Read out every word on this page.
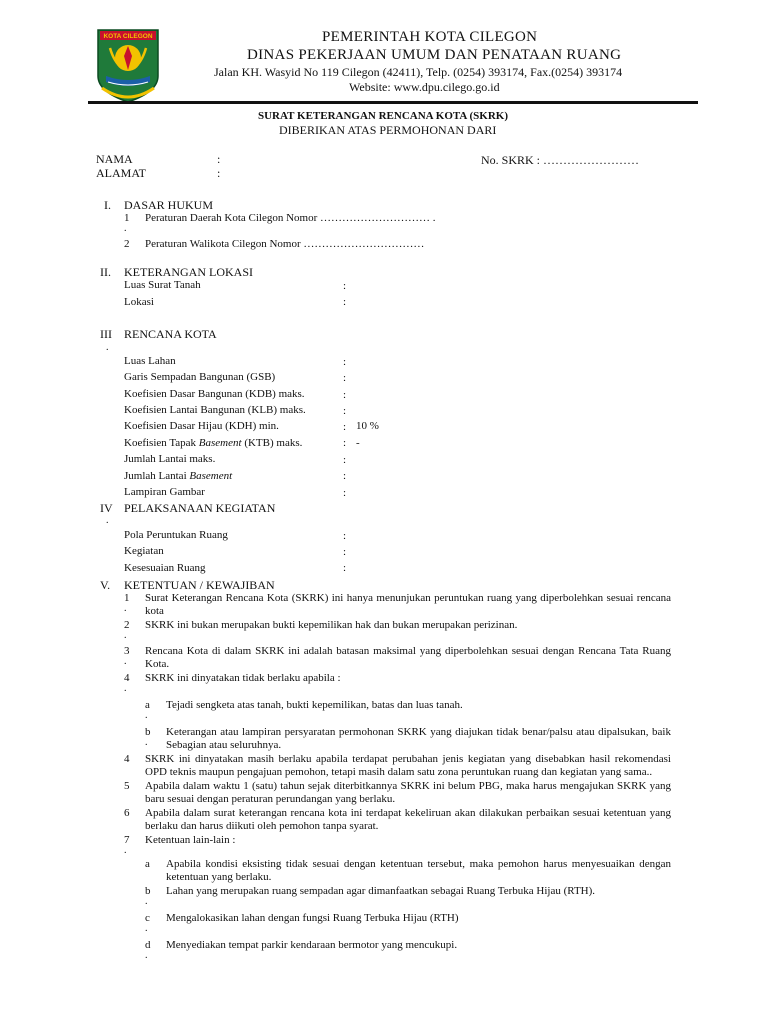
KOTA CILEGON	PEMERINTAH KOTA CILEGON
DINAS PEKERJAAN UMUM DAN PENATAAN RUANG
Jalan KH. Wasyid No 119 Cilegon (42411), Telp. (0254) 393174, Fax.(0254) 393174
Website: www.dpu.cilego.go.id
SURAT KETERANGAN RENCANA KOTA (SKRK)
DIBERIKAN ATAS PERMOHONAN DARI
NAMA	:
ALAMAT	:
No. SKRK : ……………………
I. DASAR HUKUM
1 Peraturan Daerah Kota Cilegon Nomor ………………………… .
.
2 Peraturan Walikota Cilegon Nomor ……………………………
II. KETERANGAN LOKASI
Luas Surat Tanah	:
Lokasi	:
III
.
RENCANA KOTA
Luas Lahan	:
Garis Sempadan Bangunan (GSB)	:
Koefisien Dasar Bangunan (KDB) maks.	:
Koefisien Lantai Bangunan (KLB) maks.	:
Koefisien Dasar Hijau (KDH) min.	: 10 %
Koefisien Tapak Basement (KTB) maks.	: -
Jumlah Lantai maks.	:
Jumlah Lantai Basement	:
Lampiran Gambar	:
IV
.
PELAKSANAAN KEGIATAN
Pola Peruntukan Ruang	:
Kegiatan	:
Kesesuaian Ruang	:
V. KETENTUAN / KEWAJIBAN
1
.
Surat Keterangan Rencana Kota (SKRK) ini hanya menunjukan peruntukan ruang yang diperbolehkan sesuai rencana kota
2
.
SKRK ini bukan merupakan bukti kepemilikan hak dan bukan merupakan perizinan.
3
.
Rencana Kota di dalam SKRK ini adalah batasan maksimal yang diperbolehkan sesuai dengan Rencana Tata Ruang Kota.
4
.
SKRK ini dinyatakan tidak berlaku apabila :
a
.
Tejadi sengketa atas tanah, bukti kepemilikan, batas dan luas tanah.
b
.
Keterangan atau lampiran persyaratan permohonan SKRK yang diajukan tidak benar/palsu atau dipalsukan, baik Sebagian atau seluruhnya.
4 SKRK ini dinyatakan masih berlaku apabila terdapat perubahan jenis kegiatan yang disebabkan hasil rekomendasi OPD teknis maupun pengajuan pemohon, tetapi masih dalam satu zona peruntukan ruang dan kegiatan yang sama..
5 Apabila dalam waktu 1 (satu) tahun sejak diterbitkannya SKRK ini belum PBG, maka harus mengajukan SKRK yang baru sesuai dengan peraturan perundangan yang berlaku.
6 Apabila dalam surat keterangan rencana kota ini terdapat kekeliruan akan dilakukan perbaikan sesuai ketentuan yang berlaku dan harus diikuti oleh pemohon tanpa syarat.
7
.
Ketentuan lain-lain :
a Apabila kondisi eksisting tidak sesuai dengan ketentuan tersebut, maka pemohon harus menyesuaikan dengan ketentuan yang berlaku.
b
.
Lahan yang merupakan ruang sempadan agar dimanfaatkan sebagai Ruang Terbuka Hijau (RTH).
c
.
Mengalokasikan lahan dengan fungsi Ruang Terbuka Hijau (RTH)
d
.
Menyediakan tempat parkir kendaraan bermotor yang mencukupi.
